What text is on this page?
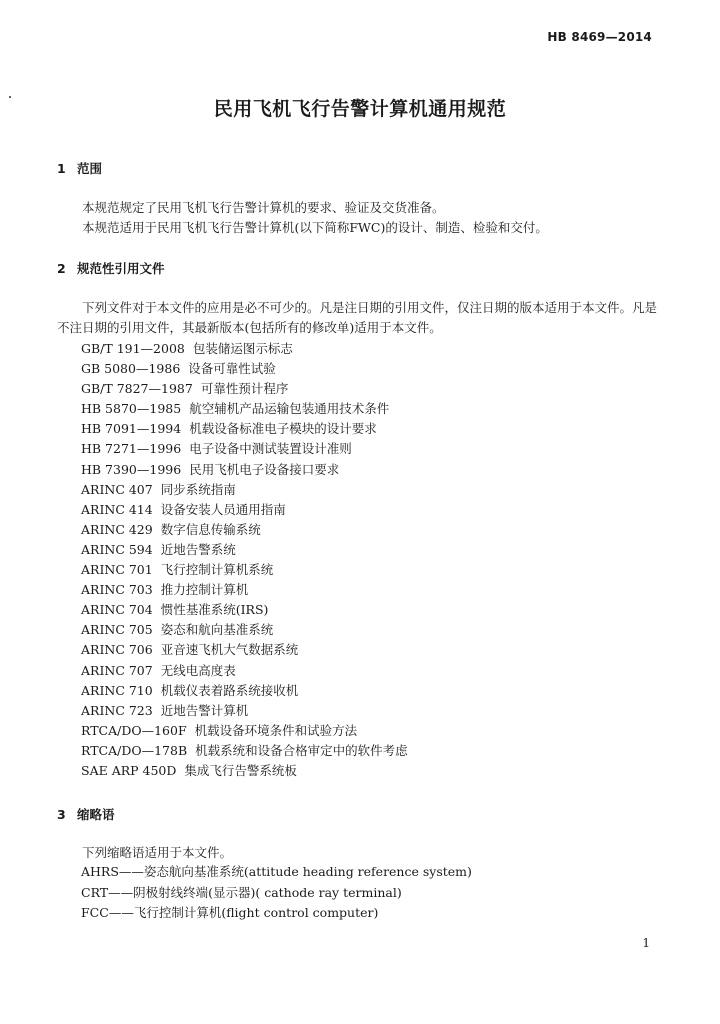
HB 8469—2014
民用飞机飞行告警计算机通用规范
1 范围
本规范规定了民用飞机飞行告警计算机的要求、验证及交货准备。
本规范适用于民用飞机飞行告警计算机(以下简称FWC)的设计、制造、检验和交付。
2 规范性引用文件
下列文件对于本文件的应用是必不可少的。凡是注日期的引用文件，仅注日期的版本适用于本文件。凡是不注日期的引用文件，其最新版本(包括所有的修改单)适用于本文件。
GB/T 191—2008 包装储运图示标志
GB 5080—1986 设备可靠性试验
GB/T 7827—1987 可靠性预计程序
HB 5870—1985 航空辅机产品运输包装通用技术条件
HB 7091—1994 机载设备标准电子模块的设计要求
HB 7271—1996 电子设备中测试装置设计准则
HB 7390—1996 民用飞机电子设备接口要求
ARINC 407 同步系统指南
ARINC 414 设备安装人员通用指南
ARINC 429 数字信息传输系统
ARINC 594 近地告警系统
ARINC 701 飞行控制计算机系统
ARINC 703 推力控制计算机
ARINC 704 惯性基准系统(IRS)
ARINC 705 姿态和航向基准系统
ARINC 706 亚音速飞机大气数据系统
ARINC 707 无线电高度表
ARINC 710 机载仪表着路系统接收机
ARINC 723 近地告警计算机
RTCA/DO—160F 机载设备环境条件和试验方法
RTCA/DO—178B 机载系统和设备合格审定中的软件考虑
SAE ARP 450D 集成飞行告警系统板
3 缩略语
下列缩略语适用于本文件。
AHRS——姿态航向基准系统(attitude heading reference system)
CRT——阴极射线终端(显示器)( cathode ray terminal)
FCC——飞行控制计算机(flight control computer)
1
